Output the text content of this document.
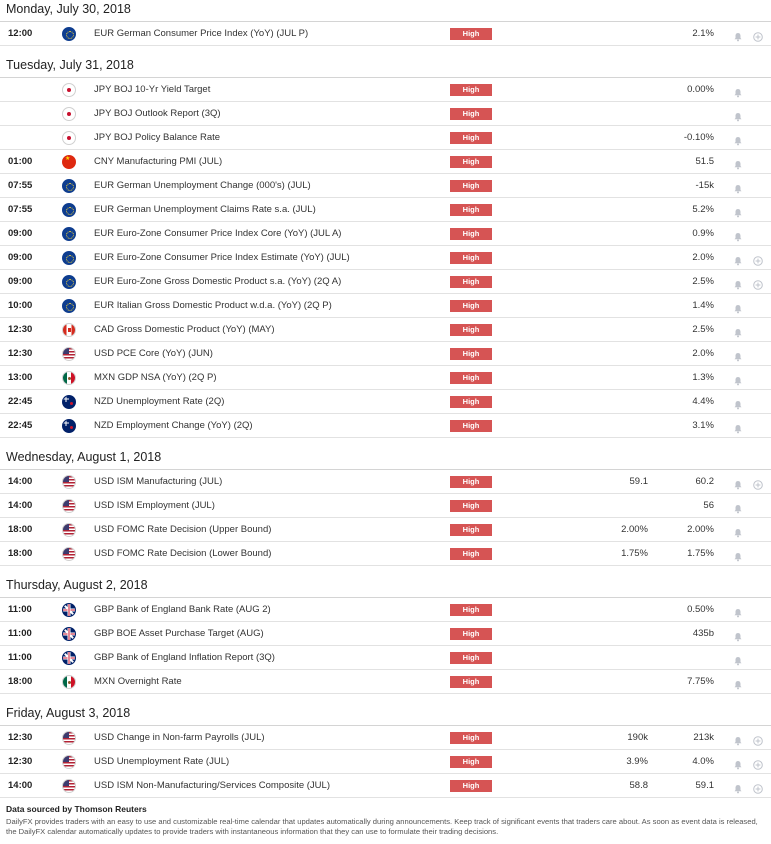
Monday, July 30, 2018
12:00	EUR German Consumer Price Index (YoY) (JUL P)	High	2.1%
Tuesday, July 31, 2018
JPY BOJ 10-Yr Yield Target	High	0.00%
JPY BOJ Outlook Report (3Q)	High
JPY BOJ Policy Balance Rate	High	-0.10%
01:00
★	CNY Manufacturing PMI (JUL)	High	51.5
07:55	EUR German Unemployment Change (000's) (JUL)	High	-15k
07:55	EUR German Unemployment Claims Rate s.a. (JUL)	High	5.2%
09:00	EUR Euro-Zone Consumer Price Index Core (YoY) (JUL A)	High	0.9%
09:00	EUR Euro-Zone Consumer Price Index Estimate (YoY) (JUL)	High	2.0%
09:00	EUR Euro-Zone Gross Domestic Product s.a. (YoY) (2Q A)	High	2.5%
10:00	EUR Italian Gross Domestic Product w.d.a. (YoY) (2Q P)	High	1.4%
12:30	CAD Gross Domestic Product (YoY) (MAY)	High	2.5%
12:30	USD PCE Core (YoY) (JUN)	High	2.0%
13:00	MXN GDP NSA (YoY) (2Q P)	High	1.3%
22:45	NZD Unemployment Rate (2Q)	High	4.4%
22:45	NZD Employment Change (YoY) (2Q)	High	3.1%
Wednesday, August 1, 2018
14:00	USD ISM Manufacturing (JUL)	High	59.1	60.2
14:00	USD ISM Employment (JUL)	High	56
18:00	USD FOMC Rate Decision (Upper Bound)	High	2.00%	2.00%
18:00	USD FOMC Rate Decision (Lower Bound)	High	1.75%	1.75%
Thursday, August 2, 2018
11:00	GBP Bank of England Bank Rate (AUG 2)	High	0.50%
11:00	GBP BOE Asset Purchase Target (AUG)	High	435b
11:00	GBP Bank of England Inflation Report (3Q)	High
18:00	MXN Overnight Rate	High	7.75%
Friday, August 3, 2018
12:30	USD Change in Non-farm Payrolls (JUL)	High	190k	213k
12:30	USD Unemployment Rate (JUL)	High	3.9%	4.0%
14:00	USD ISM Non-Manufacturing/Services Composite (JUL)	High	58.8	59.1
Data sourced by Thomson Reuters
DailyFX provides traders with an easy to use and customizable real-time calendar that updates automatically during announcements. Keep track of significant events that traders care about. As soon as event data is released, the DailyFX calendar automatically updates to provide traders with instantaneous information that they can use to formulate their trading decisions.
